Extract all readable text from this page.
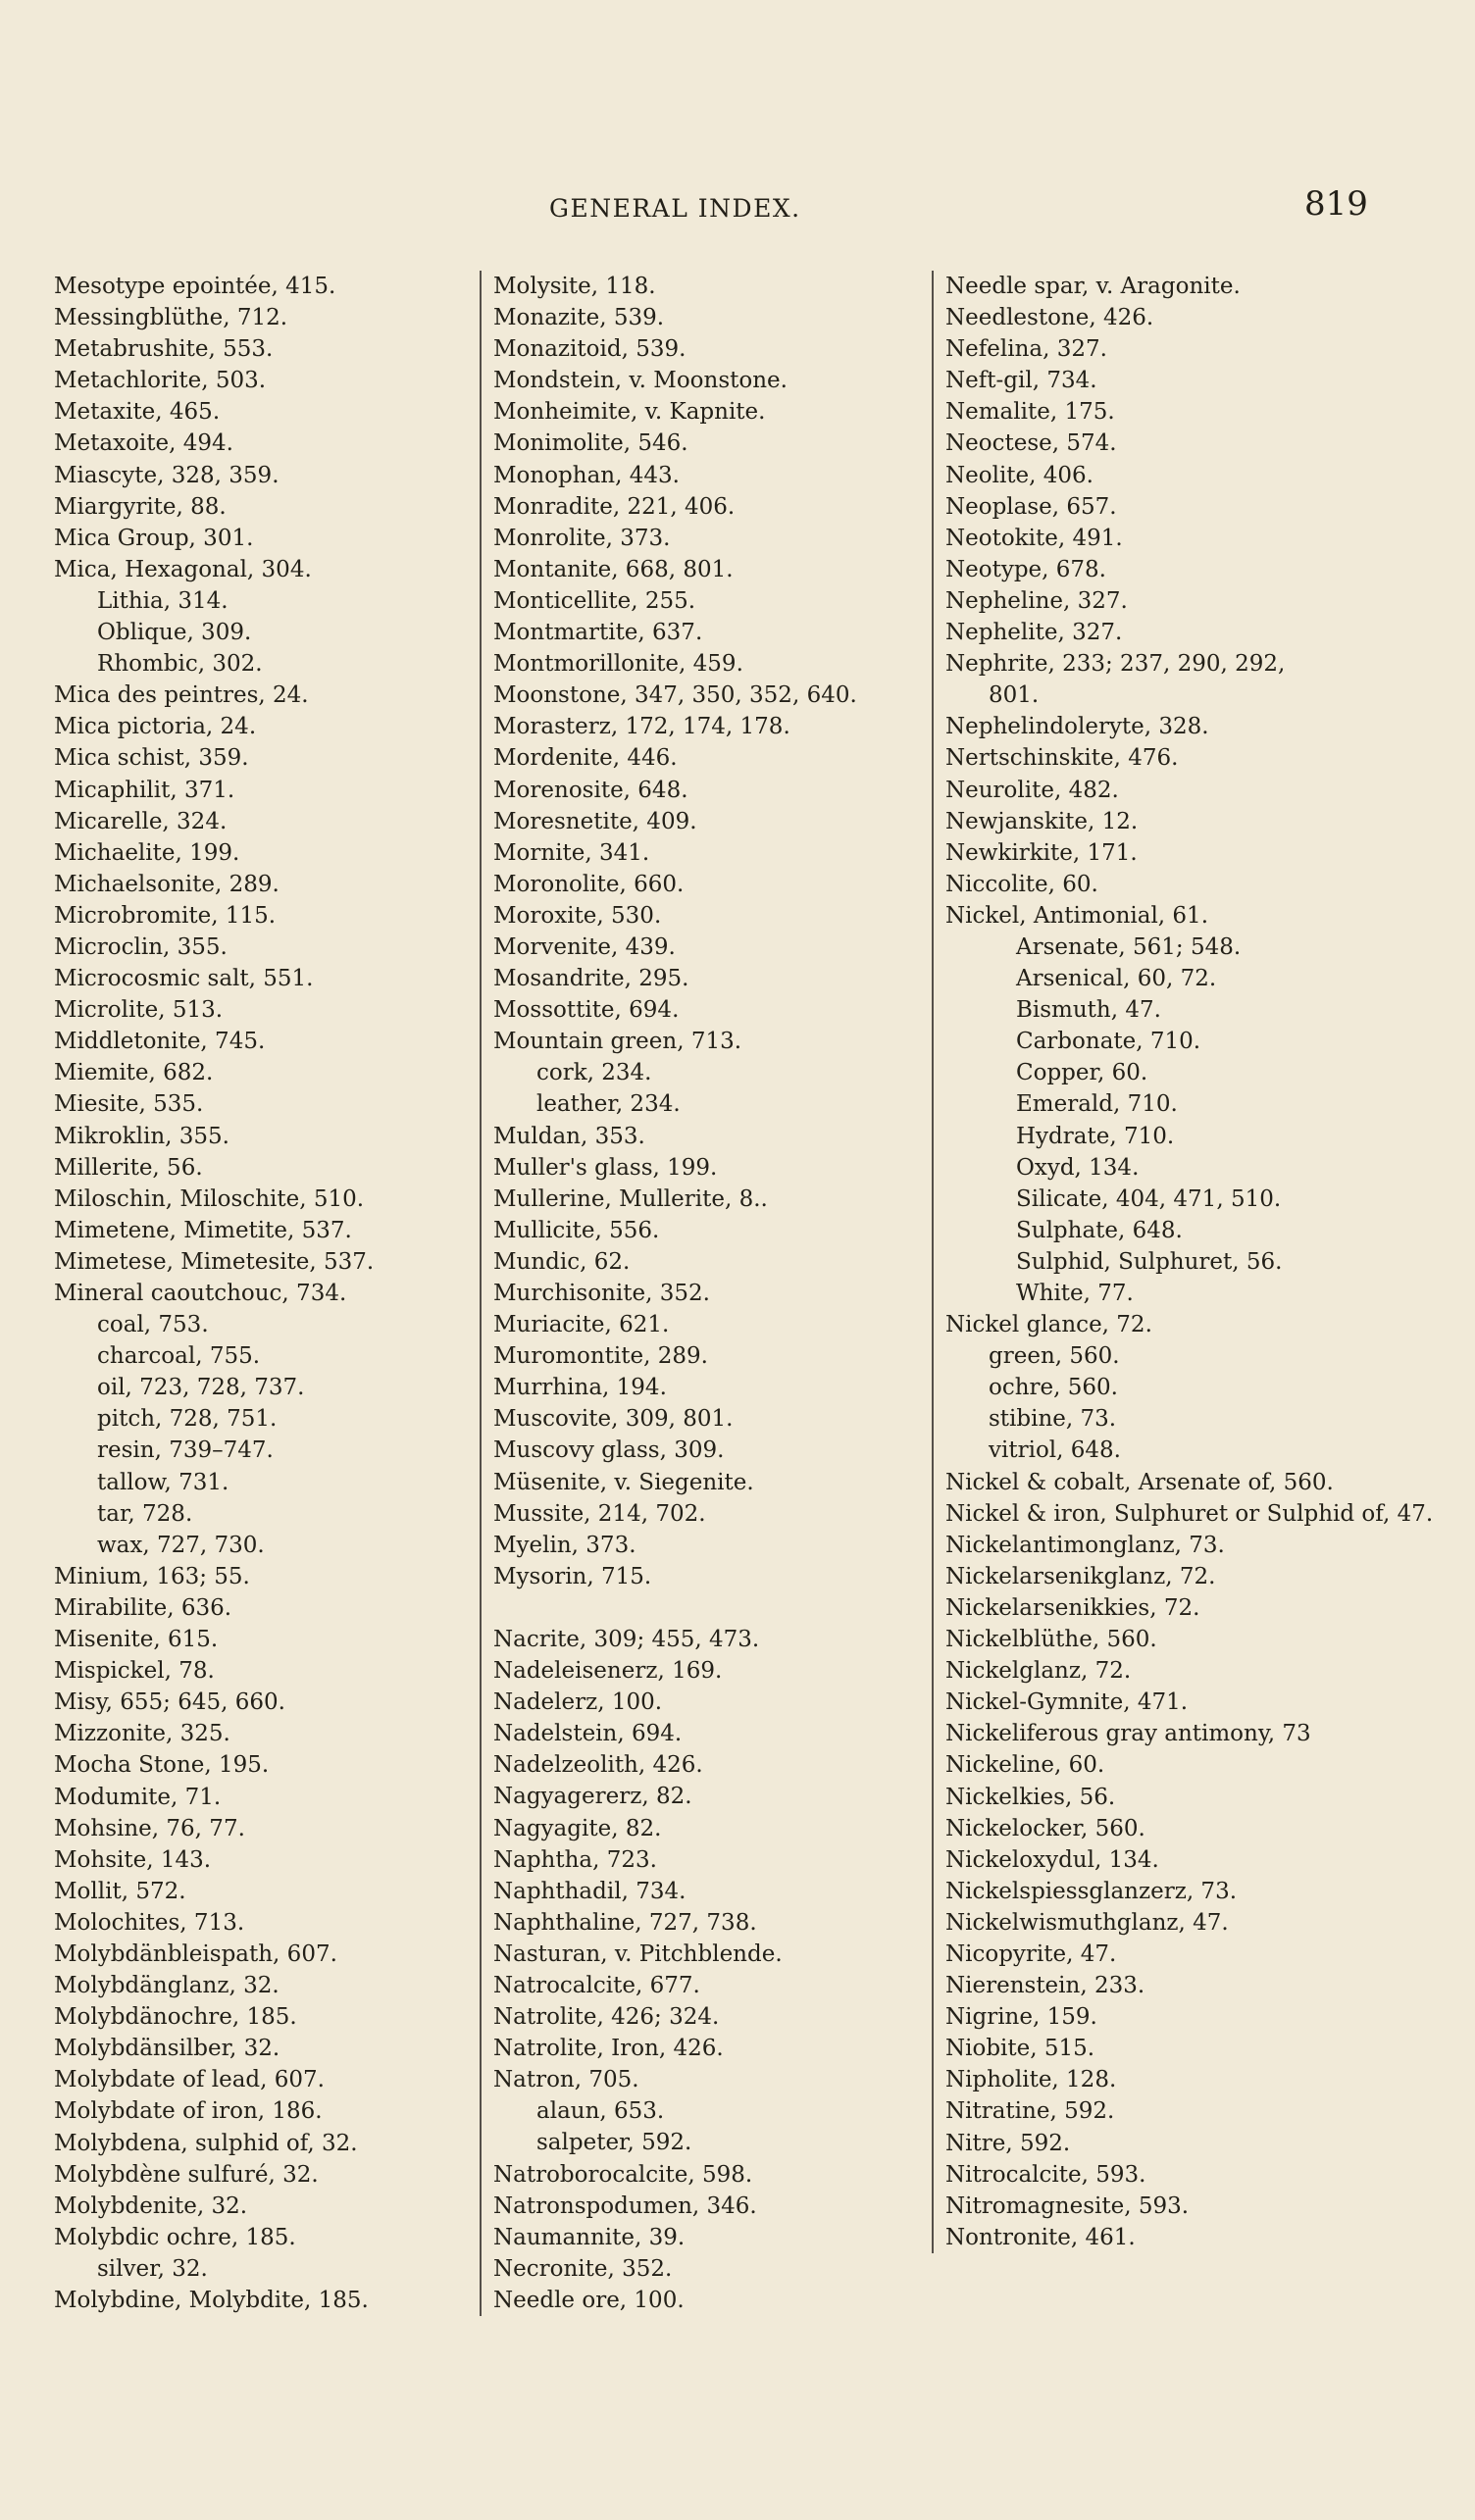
GENERAL INDEX.	819
Mesotype epointée, 415.
Messingblüthe, 712.
Metabrushite, 553.
Metachlorite, 503.
Metaxite, 465.
Metaxoite, 494.
Miascyte, 328, 359.
Miargyrite, 88.
Mica Group, 301.
Mica, Hexagonal, 304.
Lithia, 314.
Oblique, 309.
Rhombic, 302.
Mica des peintres, 24.
Mica pictoria, 24.
Mica schist, 359.
Micaphilit, 371.
Micarelle, 324.
Michaelite, 199.
Michaelsonite, 289.
Microbromite, 115.
Microclin, 355.
Microcosmic salt, 551.
Microlite, 513.
Middletonite, 745.
Miemite, 682.
Miesite, 535.
Mikroklin, 355.
Millerite, 56.
Miloschin, Miloschite, 510.
Mimetene, Mimetite, 537.
Mimetese, Mimetesite, 537.
Mineral caoutchouc, 734.
coal, 753.
charcoal, 755.
oil, 723, 728, 737.
pitch, 728, 751.
resin, 739–747.
tallow, 731.
tar, 728.
wax, 727, 730.
Minium, 163; 55.
Mirabilite, 636.
Misenite, 615.
Mispickel, 78.
Misy, 655; 645, 660.
Mizzonite, 325.
Mocha Stone, 195.
Modumite, 71.
Mohsine, 76, 77.
Mohsite, 143.
Mollit, 572.
Molochites, 713.
Molybdänbleispath, 607.
Molybdänglanz, 32.
Molybdänochre, 185.
Molybdänsilber, 32.
Molybdate of lead, 607.
Molybdate of iron, 186.
Molybdena, sulphid of, 32.
Molybdène sulfuré, 32.
Molybdenite, 32.
Molybdic ochre, 185.
silver, 32.
Molybdine, Molybdite, 185.
Molysite, 118.
Monazite, 539.
Monazitoid, 539.
Mondstein, v. Moonstone.
Monheimite, v. Kapnite.
Monimolite, 546.
Monophan, 443.
Monradite, 221, 406.
Monrolite, 373.
Montanite, 668, 801.
Monticellite, 255.
Montmartite, 637.
Montmorillonite, 459.
Moonstone, 347, 350, 352, 640.
Morasterz, 172, 174, 178.
Mordenite, 446.
Morenosite, 648.
Moresnetite, 409.
Mornite, 341.
Moronolite, 660.
Moroxite, 530.
Morvenite, 439.
Mosandrite, 295.
Mossottite, 694.
Mountain green, 713.
cork, 234.
leather, 234.
Muldan, 353.
Muller's glass, 199.
Mullerine, Mullerite, 8..
Mullicite, 556.
Mundic, 62.
Murchisonite, 352.
Muriacite, 621.
Muromontite, 289.
Murrhina, 194.
Muscovite, 309, 801.
Muscovy glass, 309.
Müsenite, v. Siegenite.
Mussite, 214, 702.
Myelin, 373.
Mysorin, 715.
Nacrite, 309; 455, 473.
Nadeleisenerz, 169.
Nadelerz, 100.
Nadelstein, 694.
Nadelzeolith, 426.
Nagyagererz, 82.
Nagyagite, 82.
Naphtha, 723.
Naphthadil, 734.
Naphthaline, 727, 738.
Nasturan, v. Pitchblende.
Natrocalcite, 677.
Natrolite, 426; 324.
Natrolite, Iron, 426.
Natron, 705.
alaun, 653.
salpeter, 592.
Natroborocalcite, 598.
Natronspodumen, 346.
Naumannite, 39.
Necronite, 352.
Needle ore, 100.
Needle spar, v. Aragonite.
Needlestone, 426.
Nefelina, 327.
Neft-gil, 734.
Nemalite, 175.
Neoctese, 574.
Neolite, 406.
Neoplase, 657.
Neotokite, 491.
Neotype, 678.
Nepheline, 327.
Nephelite, 327.
Nephrite, 233; 237, 290, 292,
801.
Nephelindoleryte, 328.
Nertschinskite, 476.
Neurolite, 482.
Newjanskite, 12.
Newkirkite, 171.
Niccolite, 60.
Nickel, Antimonial, 61.
Arsenate, 561; 548.
Arsenical, 60, 72.
Bismuth, 47.
Carbonate, 710.
Copper, 60.
Emerald, 710.
Hydrate, 710.
Oxyd, 134.
Silicate, 404, 471, 510.
Sulphate, 648.
Sulphid, Sulphuret, 56.
White, 77.
Nickel glance, 72.
green, 560.
ochre, 560.
stibine, 73.
vitriol, 648.
Nickel & cobalt, Arsenate of, 560.
Nickel & iron, Sulphuret or Sulphid of, 47.
Nickelantimonglanz, 73.
Nickelarsenikglanz, 72.
Nickelarsenikkies, 72.
Nickelblüthe, 560.
Nickelglanz, 72.
Nickel-Gymnite, 471.
Nickeliferous gray antimony, 73
Nickeline, 60.
Nickelkies, 56.
Nickelocker, 560.
Nickeloxydul, 134.
Nickelspiessglanzerz, 73.
Nickelwismuthglanz, 47.
Nicopyrite, 47.
Nierenstein, 233.
Nigrine, 159.
Niobite, 515.
Nipholite, 128.
Nitratine, 592.
Nitre, 592.
Nitrocalcite, 593.
Nitromagnesite, 593.
Nontronite, 461.
